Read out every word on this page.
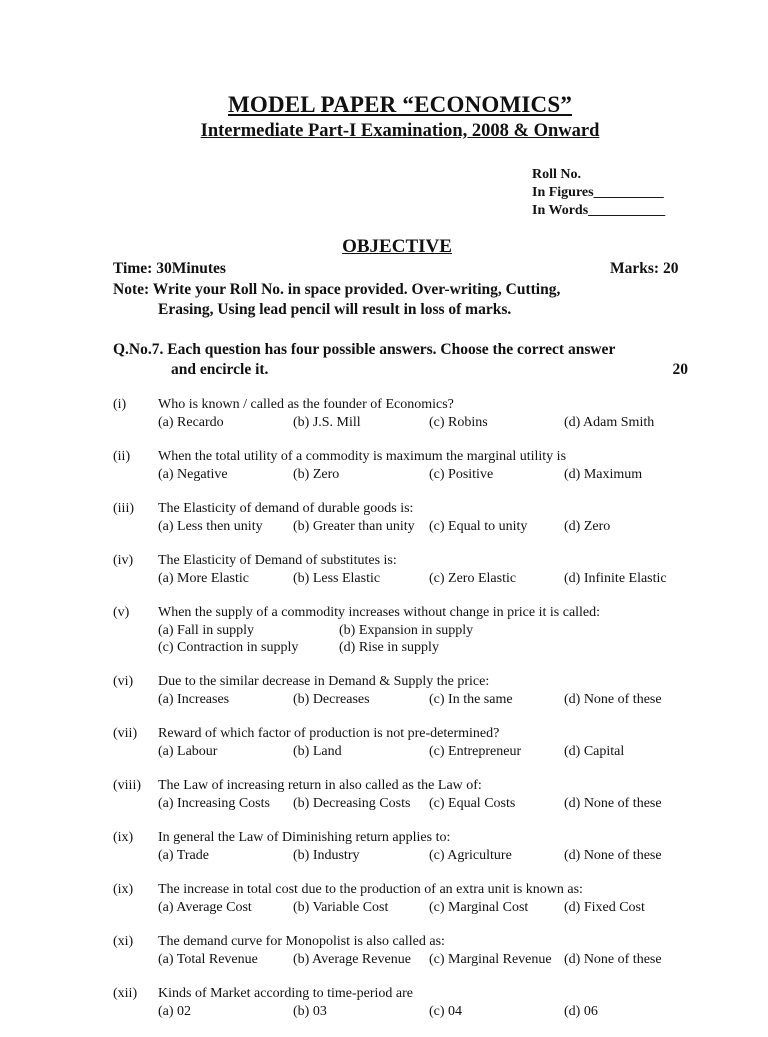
MODEL PAPER “ECONOMICS”
Intermediate Part-I Examination, 2008 & Onward
Roll No.
In Figures__________
In Words___________
OBJECTIVE
Time: 30Minutes	Marks: 20
Note: Write your Roll No. in space provided. Over-writing, Cutting,
Erasing, Using lead pencil will result in loss of marks.
Q.No.7. Each question has four possible answers. Choose the correct answer
and encircle it.	20
(i) Who is known / called as the founder of Economics?
(a) Recardo	(b) J.S. Mill	(c) Robins	(d) Adam Smith
(ii) When the total utility of a commodity is maximum the marginal utility is
(a) Negative	(b) Zero	(c) Positive	(d) Maximum
(iii) The Elasticity of demand of durable goods is:
(a) Less then unity (b) Greater than unity (c) Equal to unity	(d) Zero
(iv) The Elasticity of Demand of substitutes is:
(a) More Elastic	(b) Less Elastic	(c) Zero Elastic	(d) Infinite Elastic
(v) When the supply of a commodity increases without change in price it is called:
(a) Fall in supply	(b) Expansion in supply
(c) Contraction in supply	(d) Rise in supply
(vi) Due to the similar decrease in Demand & Supply the price:
(a) Increases	(b) Decreases	(c) In the same	(d) None of these
(vii) Reward of which factor of production is not pre-determined?
(a) Labour	(b) Land	(c) Entrepreneur	(d) Capital
(viii) The Law of increasing return in also called as the Law of:
(a) Increasing Costs (b) Decreasing Costs (c) Equal Costs	(d) None of these
(ix) In general the Law of Diminishing return applies to:
(a) Trade	(b) Industry	(c) Agriculture	(d) None of these
(ix) The increase in total cost due to the production of an extra unit is known as:
(a) Average Cost	(b) Variable Cost	(c) Marginal Cost	(d) Fixed Cost
(xi) The demand curve for Monopolist is also called as:
(a) Total Revenue	(b) Average Revenue (c) Marginal Revenue (d) None of these
(xii) Kinds of Market according to time-period are
(a) 02	(b) 03	(c) 04	(d) 06
